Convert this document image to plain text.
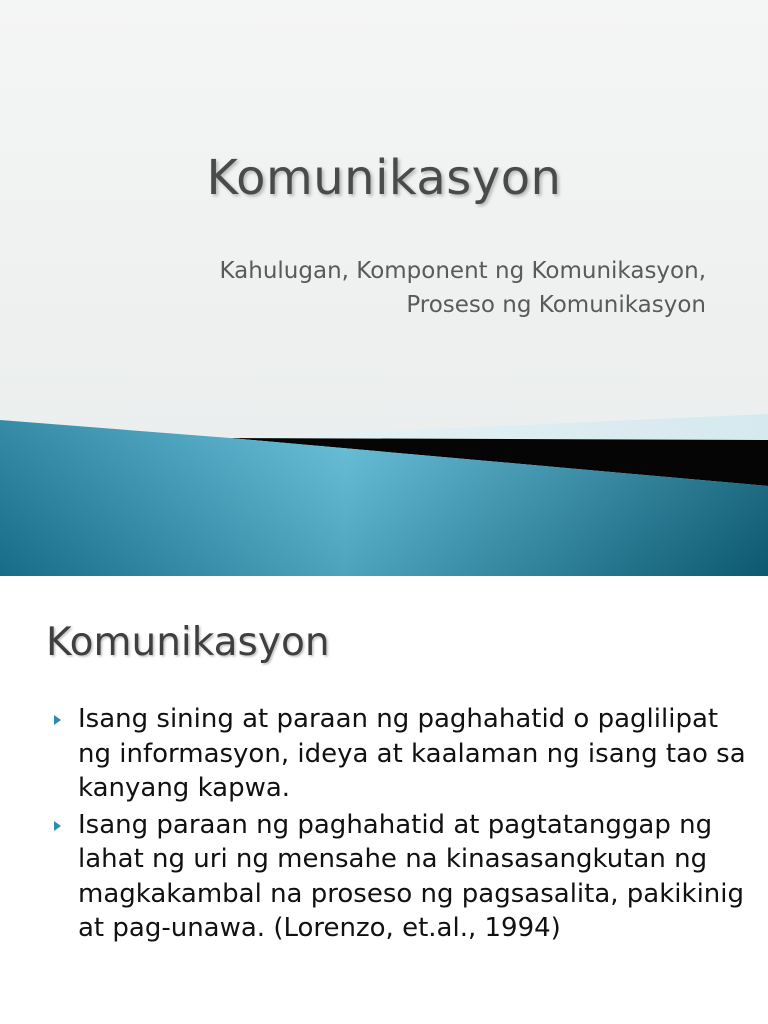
Komunikasyon
Kahulugan, Komponent ng Komunikasyon,
Proseso ng Komunikasyon
Komunikasyon
Isang sining at paraan ng paghahatid o paglilipat ng informasyon, ideya at kaalaman ng isang tao sa kanyang kapwa.
Isang paraan ng paghahatid at pagtatanggap ng lahat ng uri ng mensahe na kinasasangkutan ng magkakambal na proseso ng pagsasalita, pakikinig at pag-unawa. (Lorenzo, et.al., 1994)
